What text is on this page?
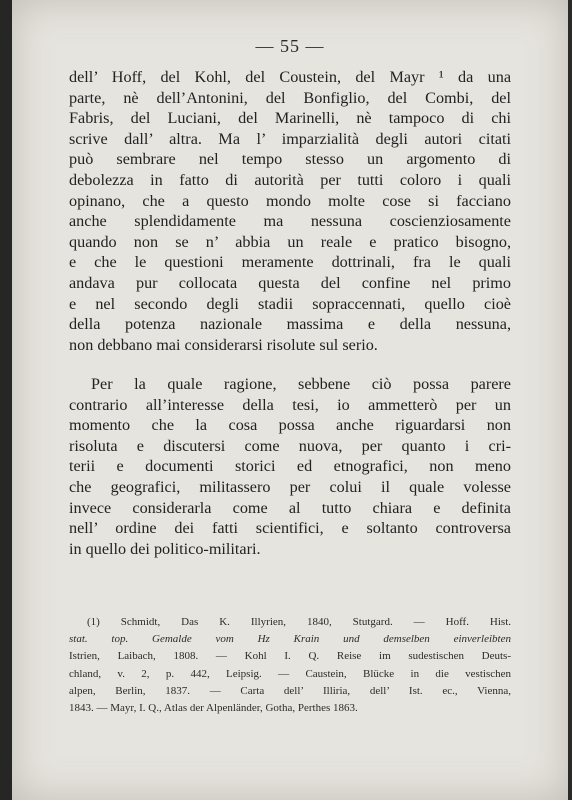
— 55 —
dell’ Hoff, del Kohl, del Coustein, del Mayr ¹ da una
parte, nè dell’Antonini, del Bonfiglio, del Combi, del
Fabris, del Luciani, del Marinelli, nè tampoco di chi
scrive dall’ altra. Ma l’ imparzialità degli autori citati
può sembrare nel tempo stesso un argomento di
debolezza in fatto di autorità per tutti coloro i quali
opinano, che a questo mondo molte cose si facciano
anche splendidamente ma nessuna coscienziosamente
quando non se n’ abbia un reale e pratico bisogno,
e che le questioni meramente dottrinali, fra le quali
andava pur collocata questa del confine nel primo
e nel secondo degli stadii sopraccennati, quello cioè
della potenza nazionale massima e della nessuna,
non debbano mai considerarsi risolute sul serio.
Per la quale ragione, sebbene ciò possa parere
contrario all’interesse della tesi, io ammetterò per un
momento che la cosa possa anche riguardarsi non
risoluta e discutersi come nuova, per quanto i cri-
terii e documenti storici ed etnografici, non meno
che geografici, militassero per colui il quale volesse
invece considerarla come al tutto chiara e definita
nell’ ordine dei fatti scientifici, e soltanto controversa
in quello dei politico-militari.
(1) Schmidt, Das K. Illyrien, 1840, Stutgard. — Hoff. Hist.
stat. top. Gemalde vom Hz Krain und demselben einverleibten
Istrien, Laibach, 1808. — Kohl I. Q. Reise im sudestischen Deuts-
chland, v. 2, p. 442, Leipsig. — Caustein, Blücke in die vestischen
alpen, Berlin, 1837. — Carta dell’ Illiria, dell’ Ist. ec., Vienna,
1843. — Mayr, I. Q., Atlas der Alpenländer, Gotha, Perthes 1863.
